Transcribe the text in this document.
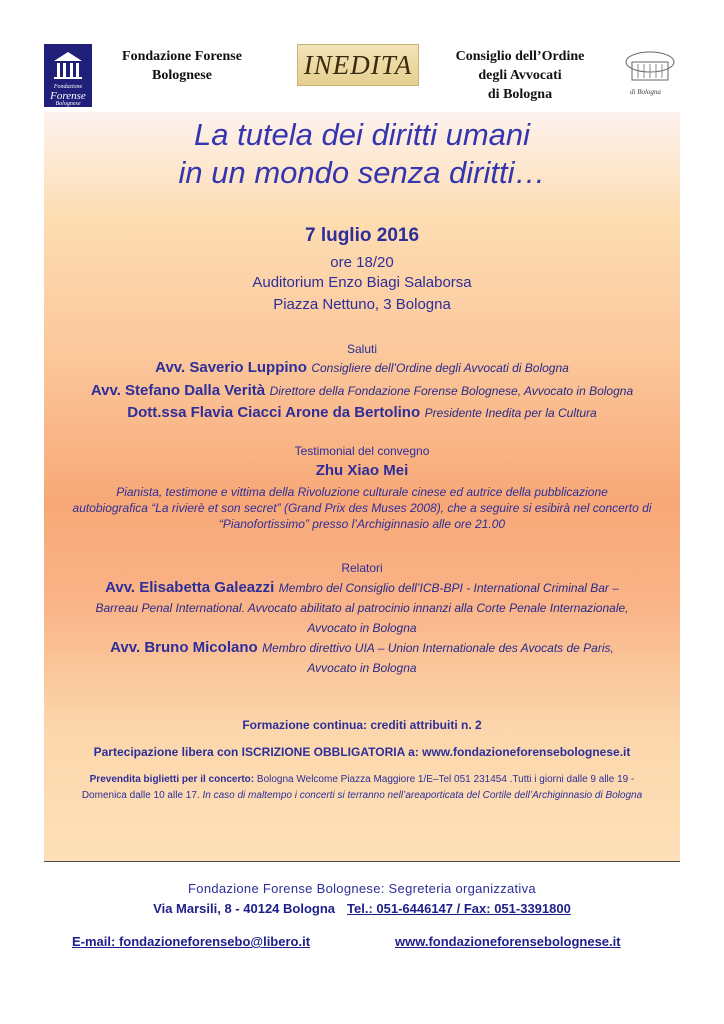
Fondazione
Forense
Bolognese
Fondazione Forense
Bolognese	INEDITA	Consiglio dell’Ordine
degli Avvocati
di Bologna	di Bologna
La tutela dei diritti umani
in un mondo senza diritti…
7 luglio 2016
ore 18/20
Auditorium Enzo Biagi Salaborsa
Piazza Nettuno, 3 Bologna
Saluti
Avv. Saverio Luppino Consigliere dell’Ordine degli Avvocati di Bologna
Avv. Stefano Dalla Verità Direttore della Fondazione Forense Bolognese, Avvocato in Bologna
Dott.ssa Flavia Ciacci Arone da Bertolino Presidente Inedita per la Cultura
Testimonial del convegno
Zhu Xiao Mei
Pianista, testimone e vittima della Rivoluzione culturale cinese ed autrice della pubblicazione
autobiografica “La rivierè et son secret” (Grand Prix des Muses 2008), che a seguire si esibirà nel concerto di
“Pianofortissimo” presso l’Archiginnasio alle ore 21.00
Relatori
Avv. Elisabetta Galeazzi Membro del Consiglio dell’ICB-BPI - International Criminal Bar –
Barreau Penal International. Avvocato abilitato al patrocinio innanzi alla Corte Penale Internazionale,
Avvocato in Bologna
Avv. Bruno Micolano Membro direttivo UIA – Union Internationale des Avocats de Paris,
Avvocato in Bologna
Formazione continua: crediti attribuiti n. 2
Partecipazione libera con ISCRIZIONE OBBLIGATORIA a: www.fondazioneforensebolognese.it
Prevendita biglietti per il concerto: Bologna Welcome Piazza Maggiore 1/E–Tel 051 231454 .Tutti i giorni dalle 9 alle 19 -
Domenica dalle 10 alle 17. In caso di maltempo i concerti si terranno nell’areaporticata del Cortile dell’Archiginnasio di Bologna
Fondazione Forense Bolognese: Segreteria organizzativa
Via Marsili, 8 - 40124 Bologna Tel.: 051-6446147 / Fax: 051-3391800
E-mail: fondazioneforensebo@libero.it	www.fondazioneforensebolognese.it
